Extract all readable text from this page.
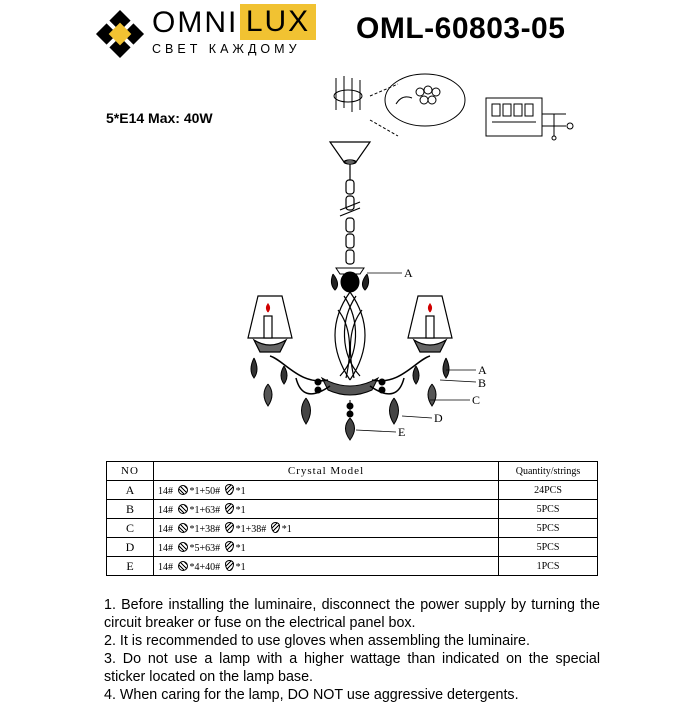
OMNI LUX
СВЕТ КАЖДОМУ
OML-60803-05
5*E14 Max: 40W
A
A
B
C
D
E
NO	Crystal Model	Quantity/strings
A	14# *1+50# *1	24PCS
B	14# *1+63# *1	5PCS
C	14# *1+38# *1+38# *1	5PCS
D	14# *5+63# *1	5PCS
E	14# *4+40# *1	1PCS

1. Before installing the luminaire, disconnect the power supply by turning the circuit breaker or fuse on the electrical panel box.

2. It is recommended to use gloves when assembling the luminaire.

3. Do not use a lamp with a higher wattage than indicated on the special sticker located on the lamp base.

4. When caring for the lamp, DO NOT use aggressive detergents.
